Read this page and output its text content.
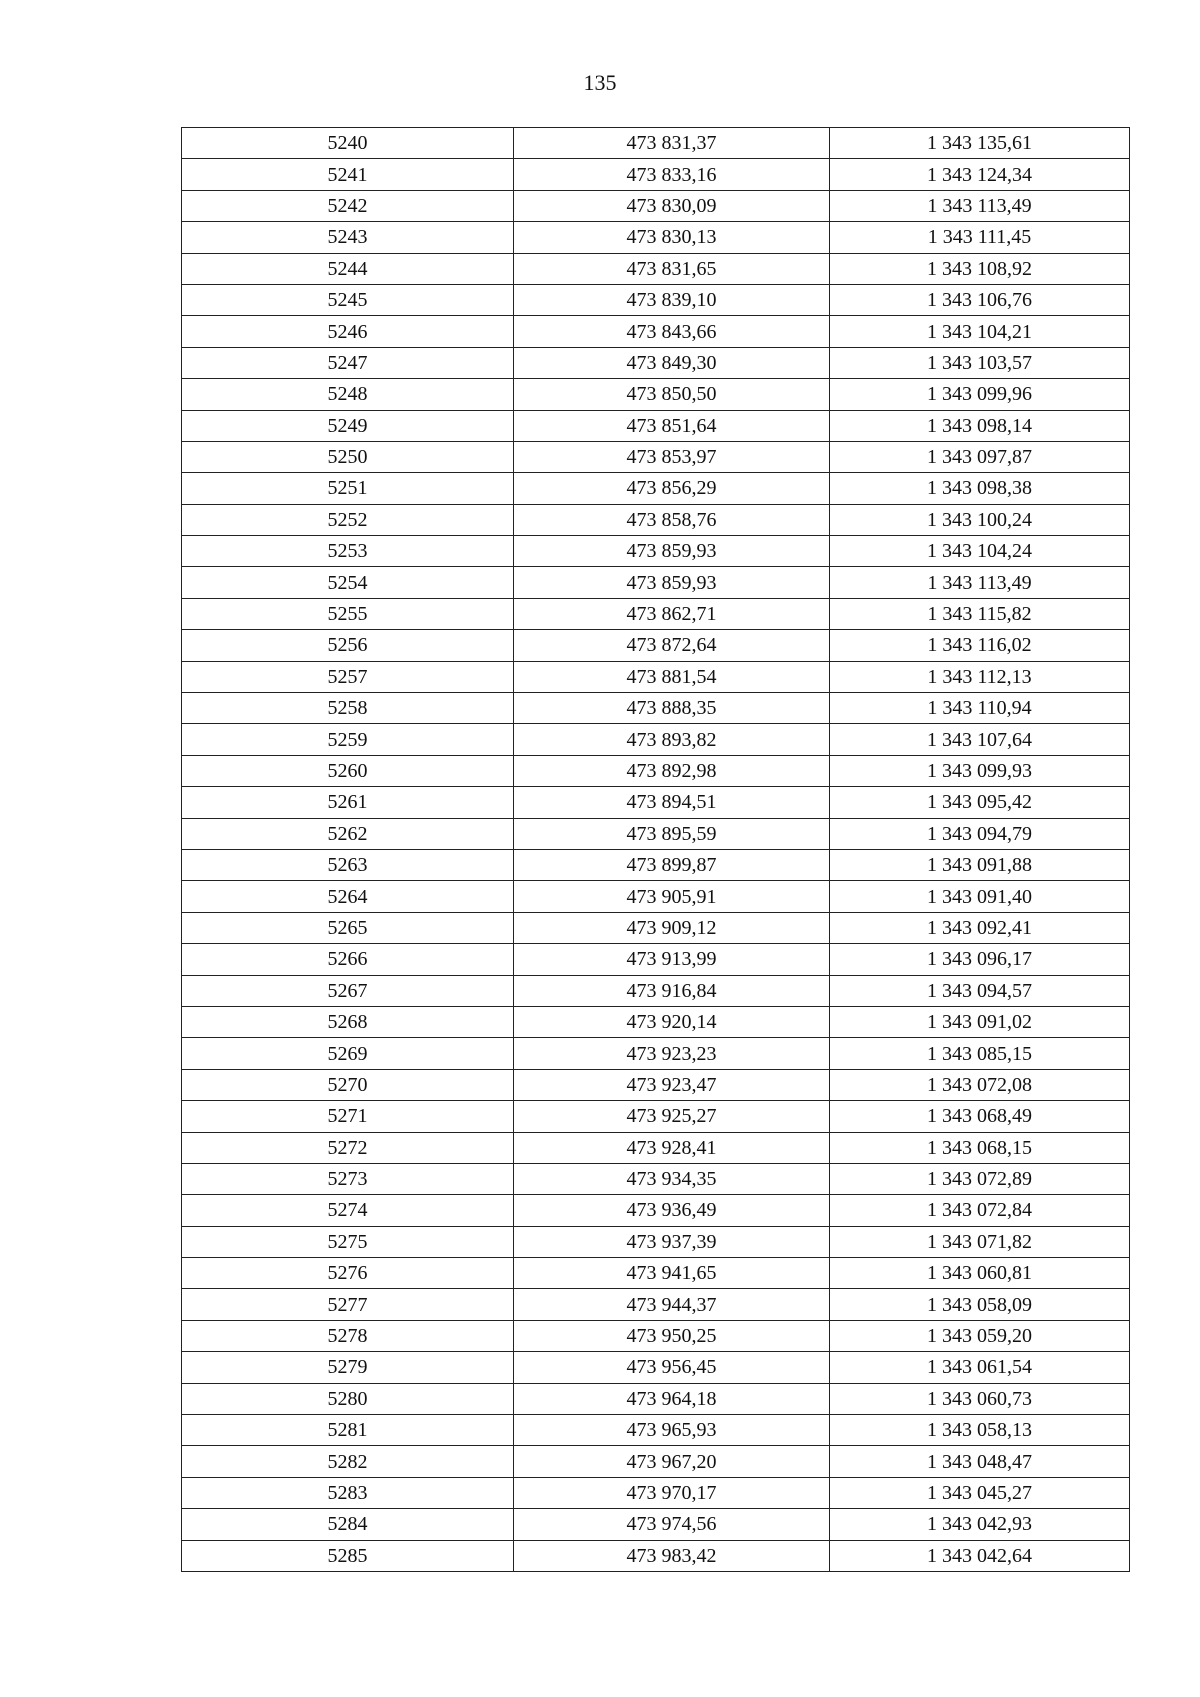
135
5240	473 831,37	1 343 135,61
5241	473 833,16	1 343 124,34
5242	473 830,09	1 343 113,49
5243	473 830,13	1 343 111,45
5244	473 831,65	1 343 108,92
5245	473 839,10	1 343 106,76
5246	473 843,66	1 343 104,21
5247	473 849,30	1 343 103,57
5248	473 850,50	1 343 099,96
5249	473 851,64	1 343 098,14
5250	473 853,97	1 343 097,87
5251	473 856,29	1 343 098,38
5252	473 858,76	1 343 100,24
5253	473 859,93	1 343 104,24
5254	473 859,93	1 343 113,49
5255	473 862,71	1 343 115,82
5256	473 872,64	1 343 116,02
5257	473 881,54	1 343 112,13
5258	473 888,35	1 343 110,94
5259	473 893,82	1 343 107,64
5260	473 892,98	1 343 099,93
5261	473 894,51	1 343 095,42
5262	473 895,59	1 343 094,79
5263	473 899,87	1 343 091,88
5264	473 905,91	1 343 091,40
5265	473 909,12	1 343 092,41
5266	473 913,99	1 343 096,17
5267	473 916,84	1 343 094,57
5268	473 920,14	1 343 091,02
5269	473 923,23	1 343 085,15
5270	473 923,47	1 343 072,08
5271	473 925,27	1 343 068,49
5272	473 928,41	1 343 068,15
5273	473 934,35	1 343 072,89
5274	473 936,49	1 343 072,84
5275	473 937,39	1 343 071,82
5276	473 941,65	1 343 060,81
5277	473 944,37	1 343 058,09
5278	473 950,25	1 343 059,20
5279	473 956,45	1 343 061,54
5280	473 964,18	1 343 060,73
5281	473 965,93	1 343 058,13
5282	473 967,20	1 343 048,47
5283	473 970,17	1 343 045,27
5284	473 974,56	1 343 042,93
5285	473 983,42	1 343 042,64
